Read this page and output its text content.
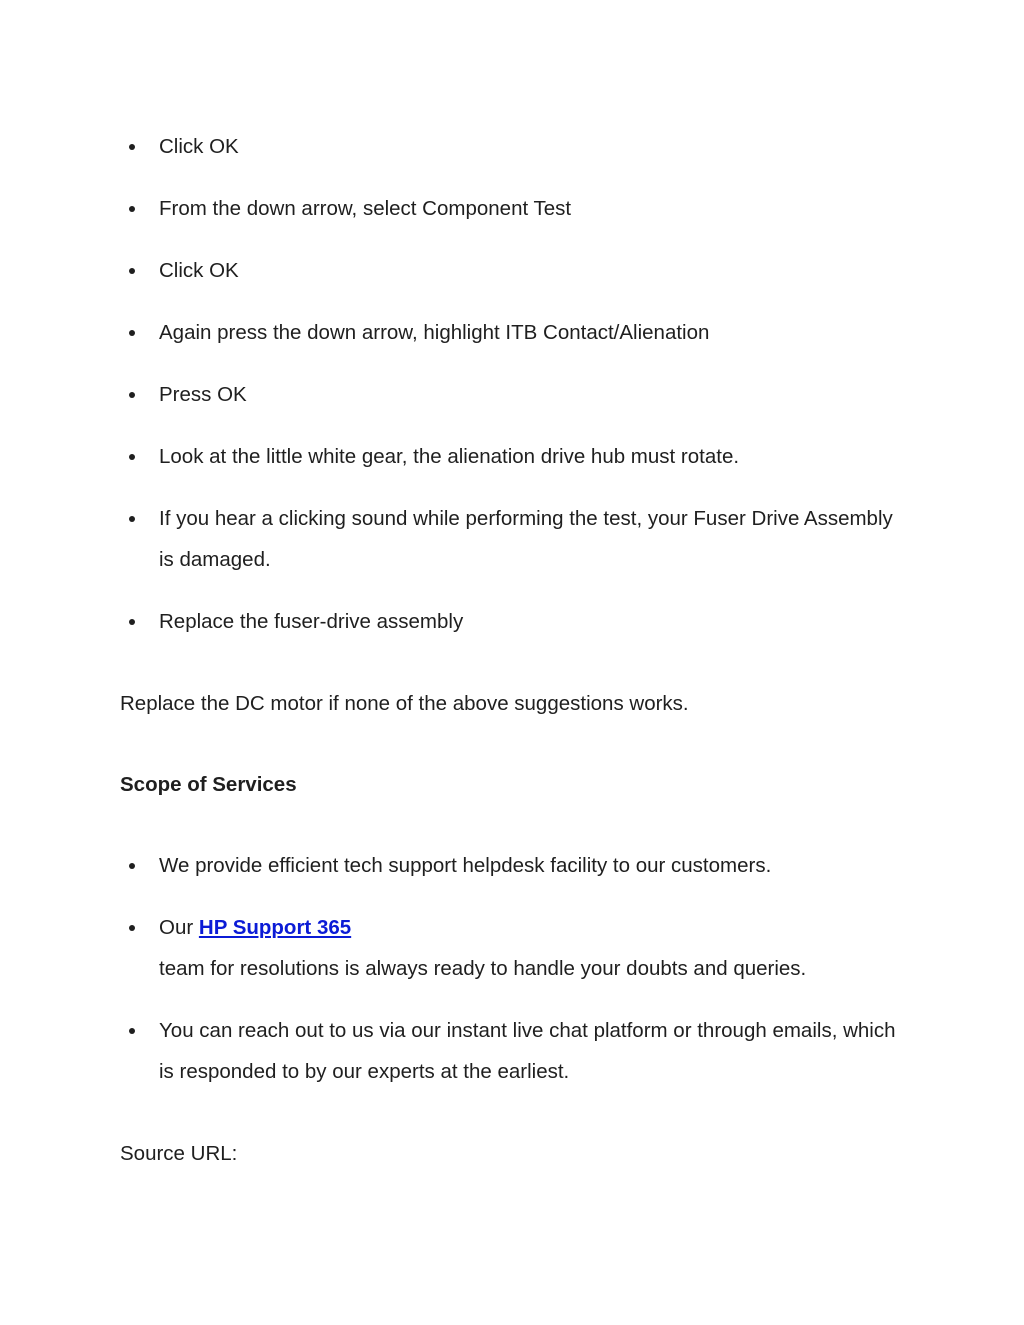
Click OK
From the down arrow, select Component Test
Click OK
Again press the down arrow, highlight ITB Contact/Alienation
Press OK
Look at the little white gear, the alienation drive hub must rotate.
If you hear a clicking sound while performing the test, your Fuser Drive Assembly is damaged.
Replace the fuser-drive assembly

Replace the DC motor if none of the above suggestions works.

Scope of Services

We provide efficient tech support helpdesk facility to our customers.
Our HP Support 365
team for resolutions is always ready to handle your doubts and queries.
You can reach out to us via our instant live chat platform or through emails, which is responded to by our experts at the earliest.

Source URL:
